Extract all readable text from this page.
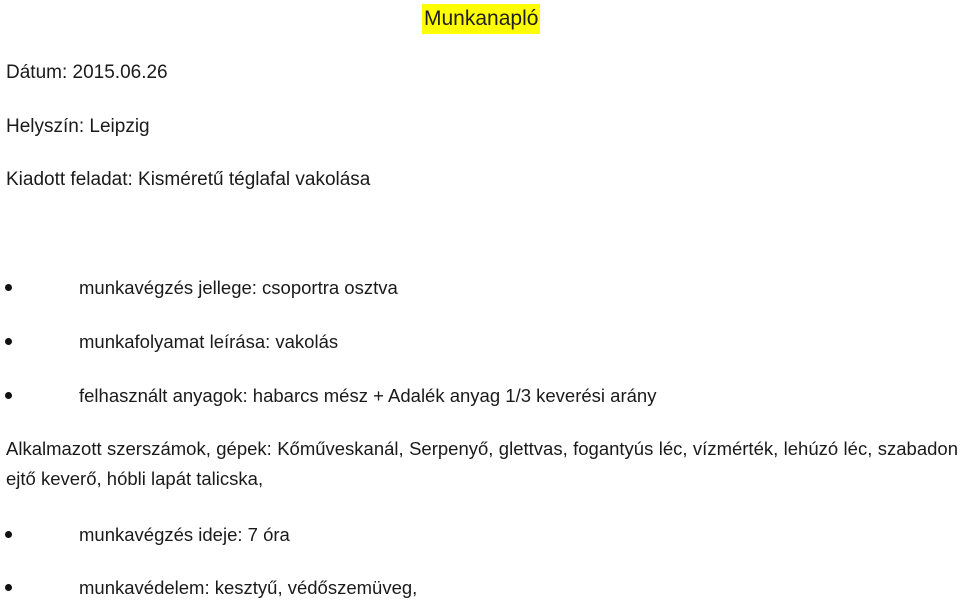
Munkanapló
Dátum: 2015.06.26
Helyszín: Leipzig
Kiadott feladat: Kisméretű téglafal vakolása
munkavégzés jellege: csoportra osztva
munkafolyamat leírása: vakolás
felhasznált anyagok: habarcs mész + Adalék anyag 1/3 keverési arány
Alkalmazott szerszámok, gépek: Kőműveskanál, Serpenyő, glettvas, fogantyús léc, vízmérték, lehúzó léc, szabadon ejtő keverő, hóbli lapát talicska,
munkavégzés ideje: 7 óra
munkavédelem: kesztyű, védőszemüveg,
